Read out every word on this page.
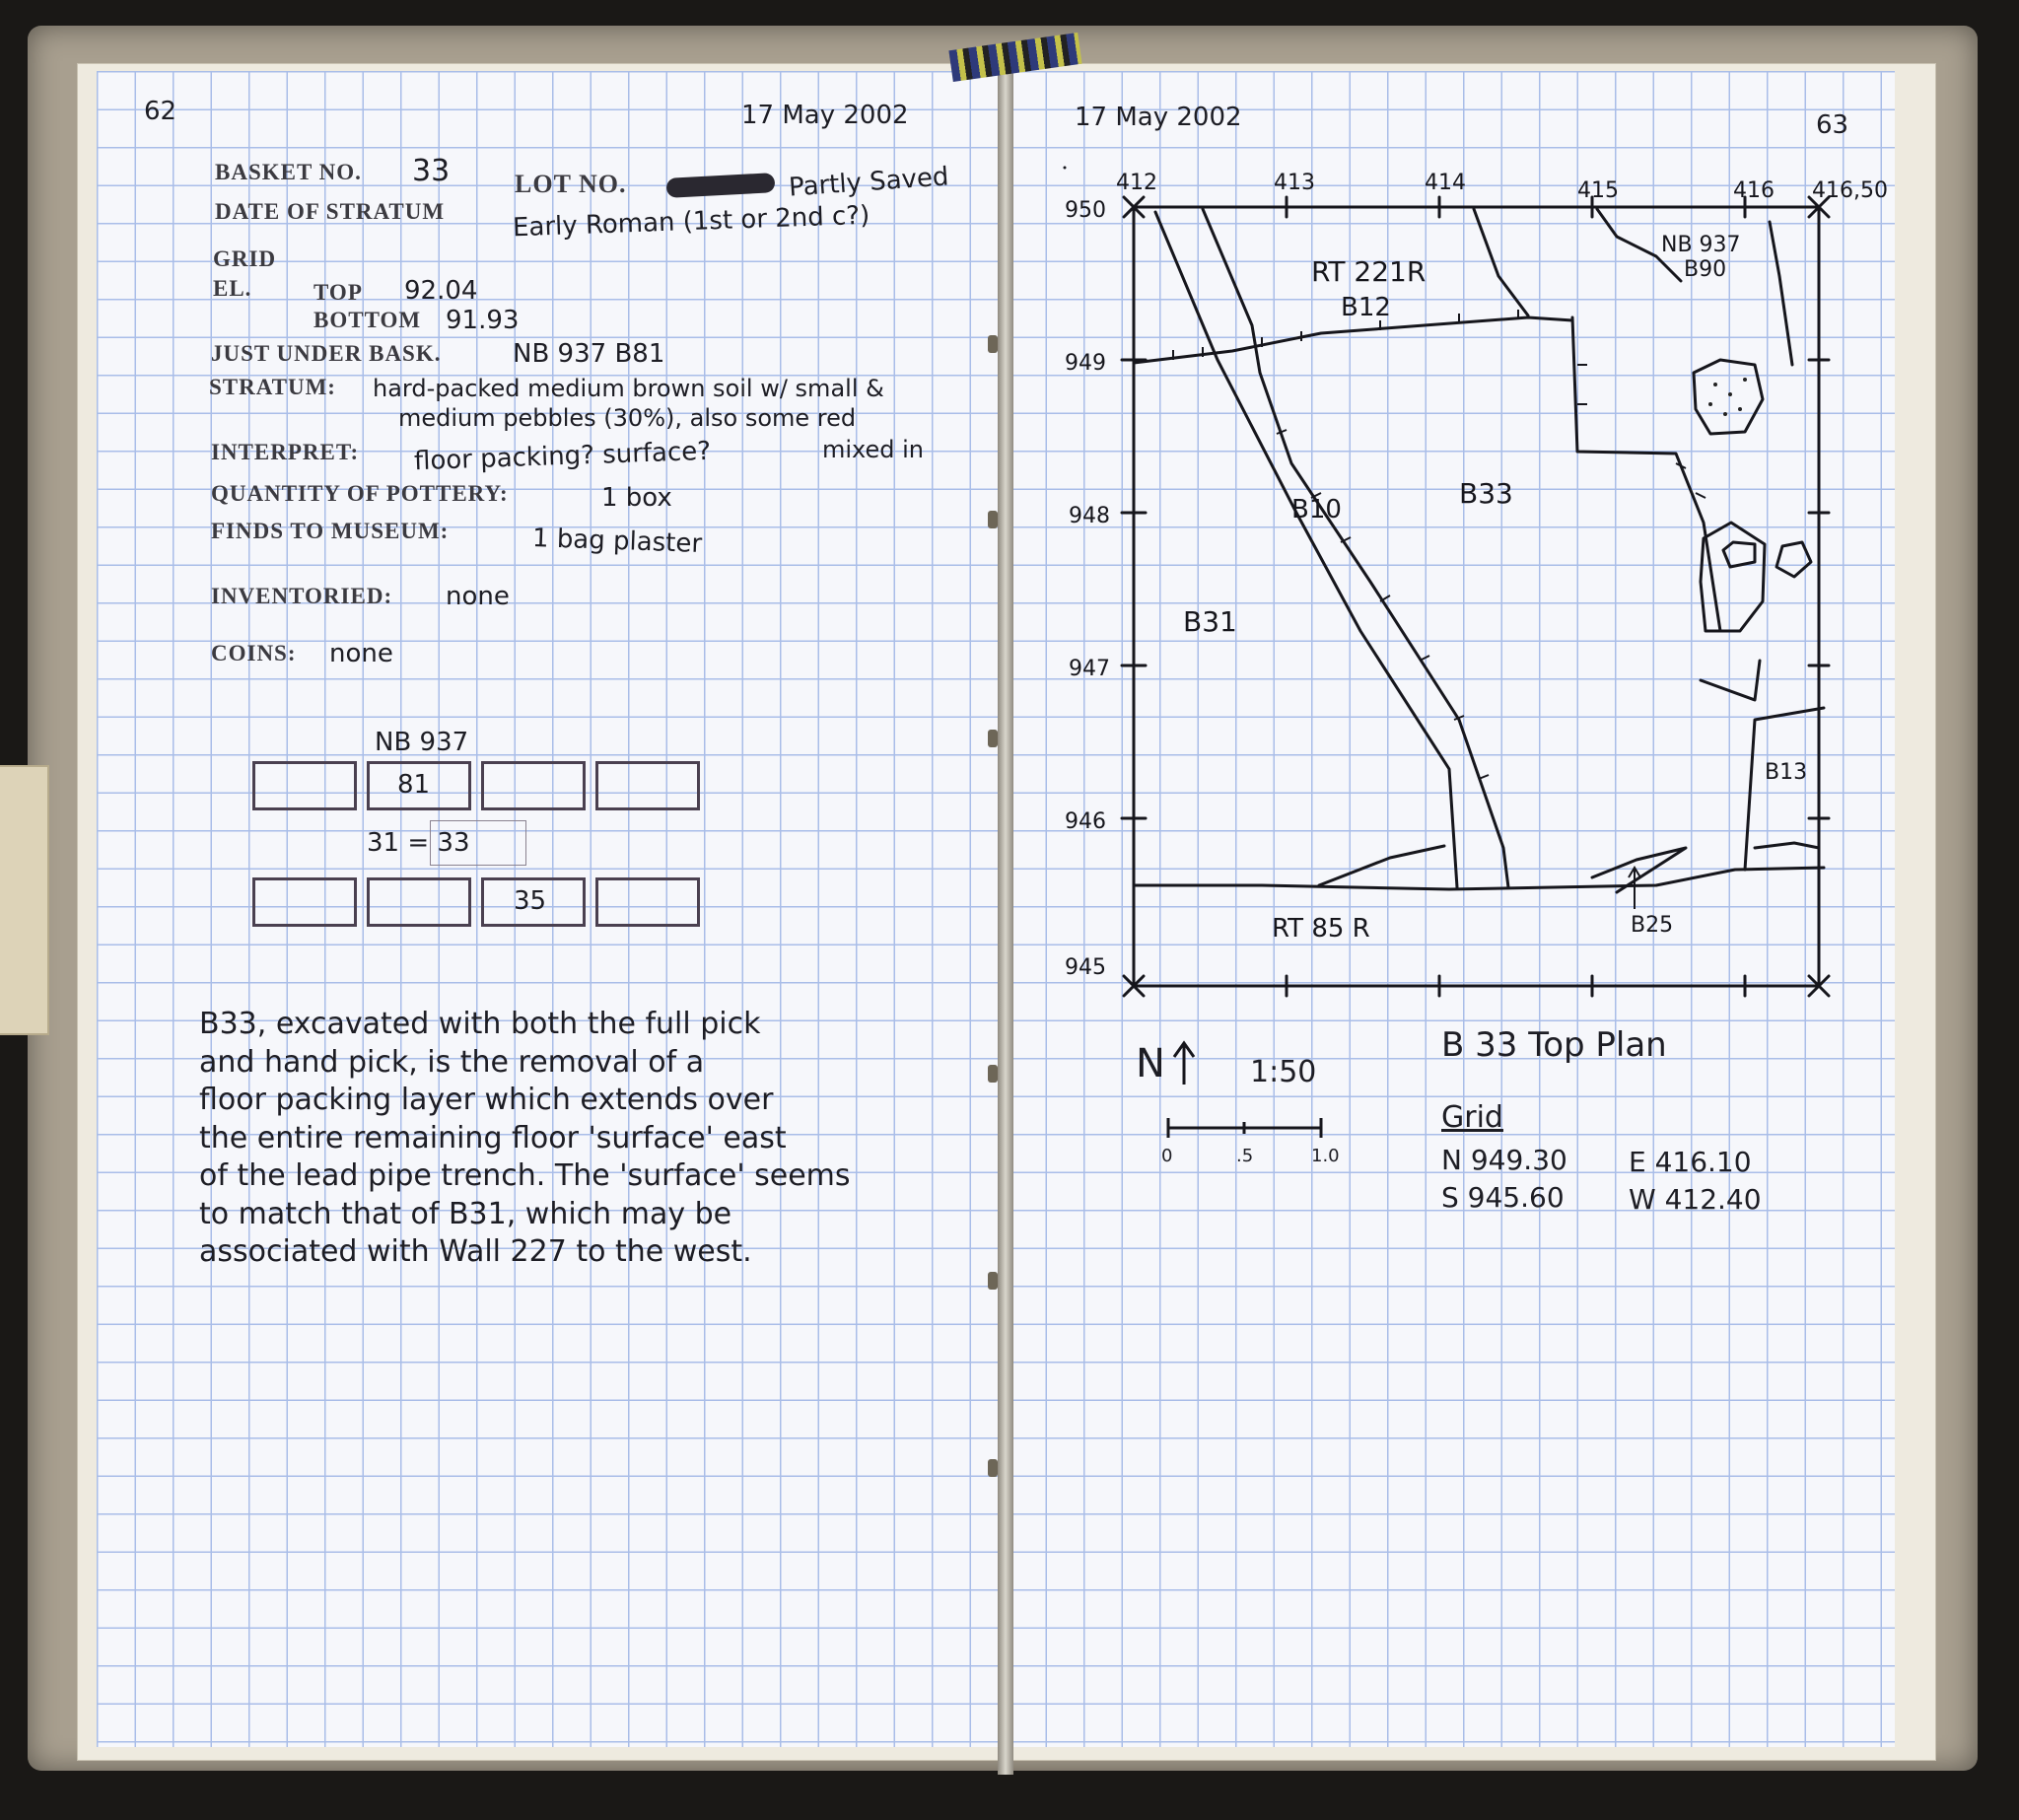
62	17 May 2002
BASKET NO. 33	LOT NO.	Partly Saved
DATE OF STRATUM	Early Roman (1st or 2nd c?)
GRID
EL.	TOP 92.04
BOTTOM 91.93
JUST UNDER BASK.	NB 937 B81
STRATUM: hard-packed medium brown soil w/ small &
medium pebbles (30%), also some red
mixed in
INTERPRET: floor packing? surface?
QUANTITY OF POTTERY:	1 box
FINDS TO MUSEUM:	1 bag plaster
INVENTORIED: none
COINS: none
NB 937
81
31 = 33
35
B33, excavated with both the full pick
and hand pick, is the removal of a
floor packing layer which extends over
the entire remaining floor 'surface' east
of the lead pipe trench. The 'surface' seems
to match that of B31, which may be
associated with Wall 227 to the west.
17 May 2002	63
412	413	414	415	416 416,50
950
949
948
947
946
945
RT 221R
B12
NB 937
B90
B10	B33
B31
B13
RT 85 R	B25
N	1:50
0	.5	1.0
B 33 Top Plan
Grid
N 949.30 E 416.10
S 945.60 W 412.40
